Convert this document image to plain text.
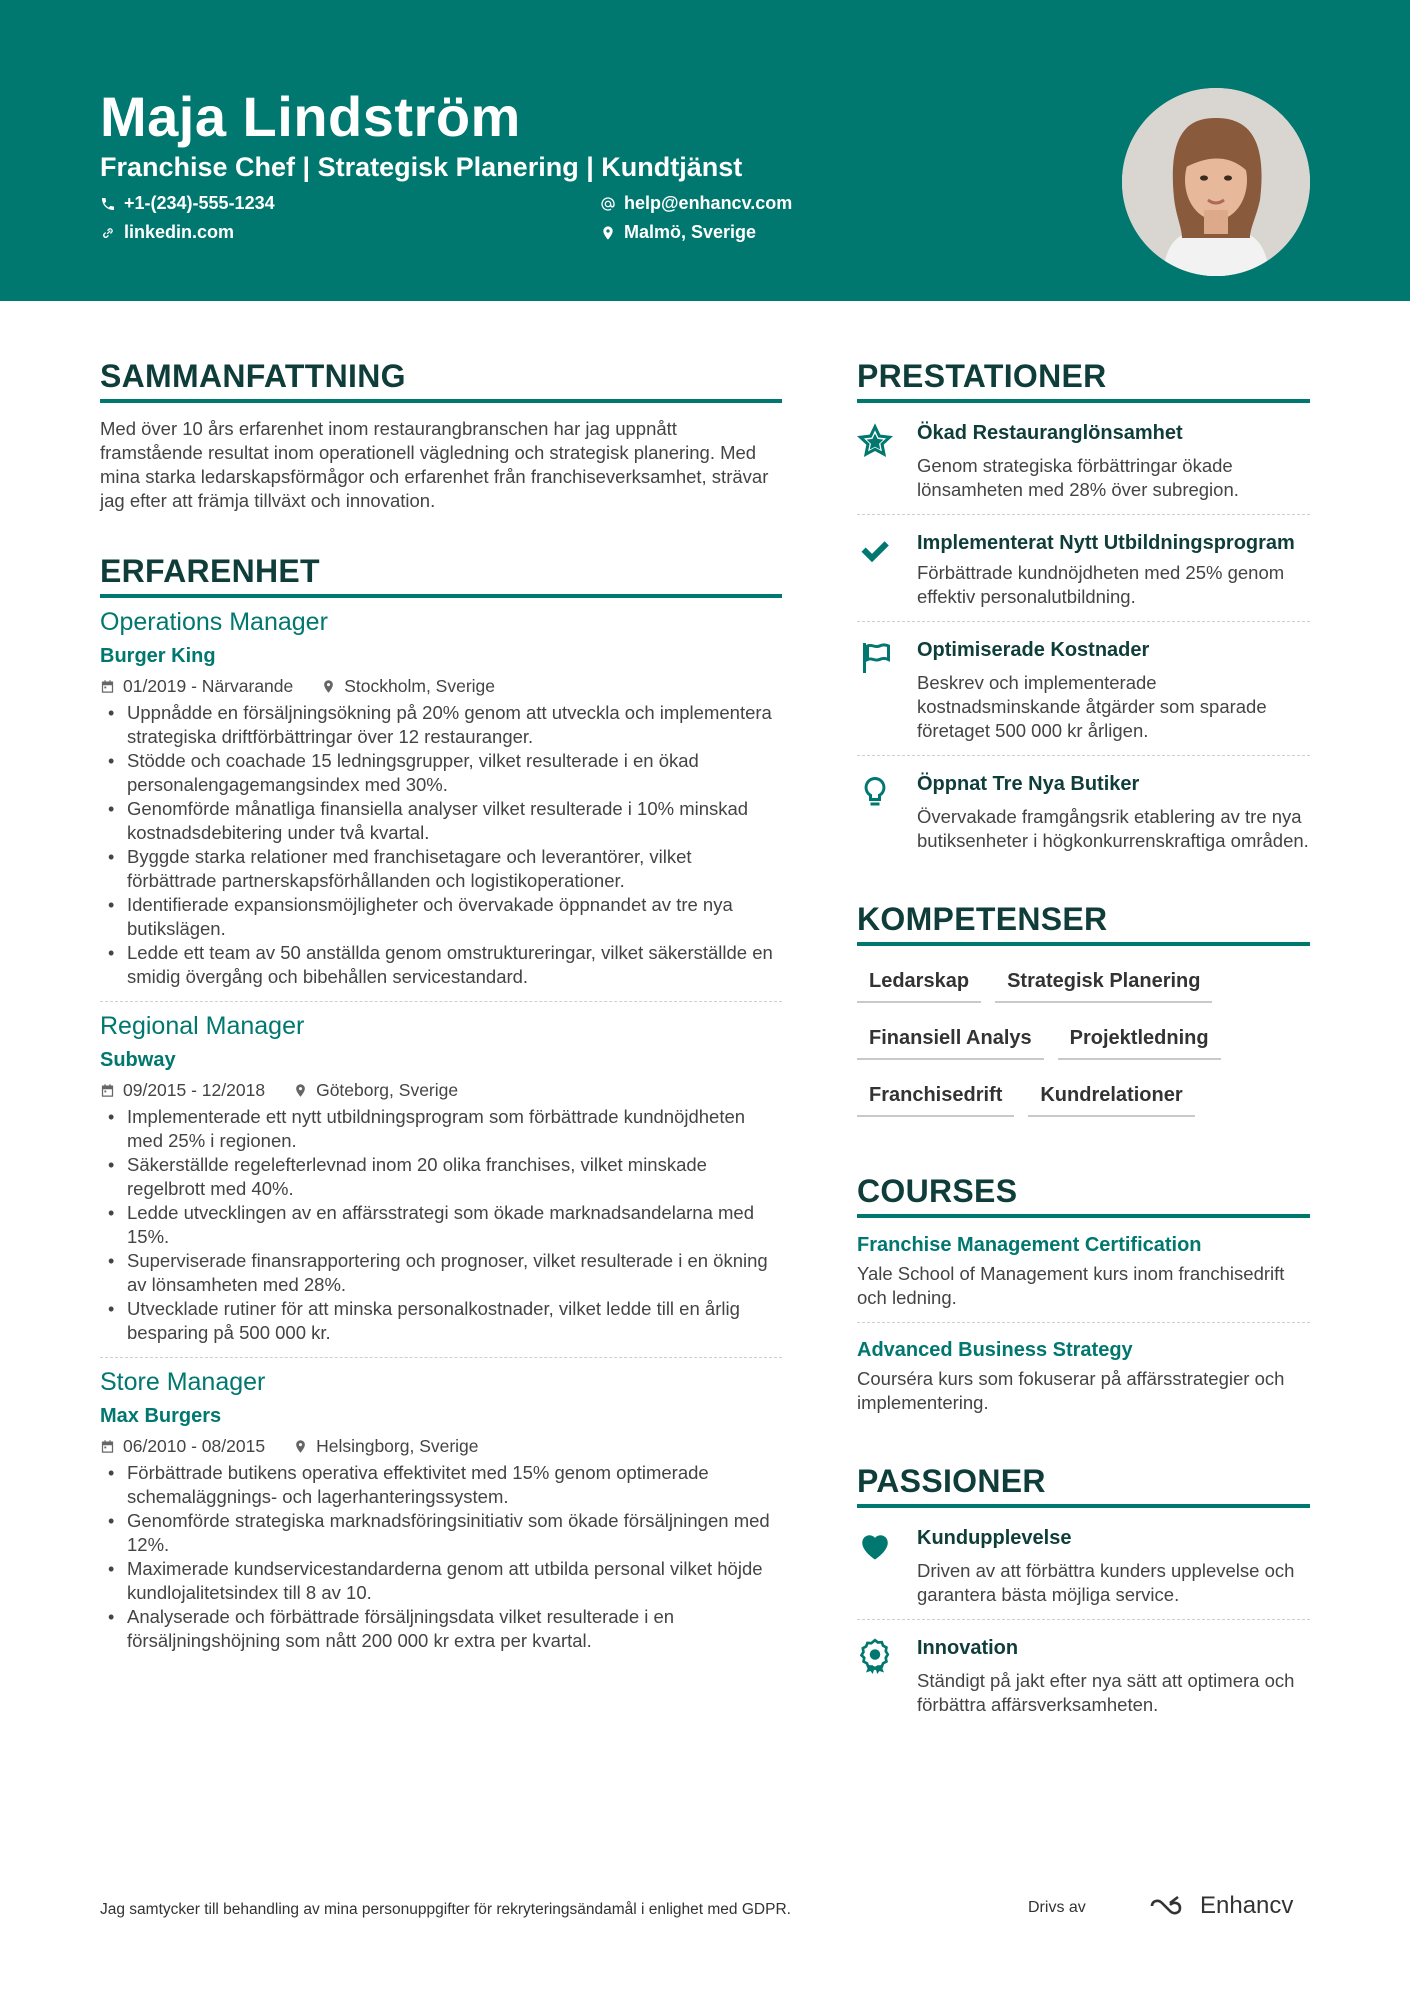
Maja Lindström
Franchise Chef | Strategisk Planering | Kundtjänst
+1-(234)-555-1234	help@enhancv.com
linkedin.com	Malmö, Sverige
SAMMANFATTNING
Med över 10 års erfarenhet inom restaurangbranschen har jag uppnått framstående resultat inom operationell vägledning och strategisk planering. Med mina starka ledarskapsförmågor och erfarenhet från franchiseverksamhet, strävar jag efter att främja tillväxt och innovation.
ERFARENHET
Operations Manager
Burger King
01/2019 - Närvarande	Stockholm, Sverige
• Uppnådde en försäljningsökning på 20% genom att utveckla och implementera strategiska driftförbättringar över 12 restauranger.
• Stödde och coachade 15 ledningsgrupper, vilket resulterade i en ökad personalengagemangsindex med 30%.
• Genomförde månatliga finansiella analyser vilket resulterade i 10% minskad kostnadsdebitering under två kvartal.
• Byggde starka relationer med franchisetagare och leverantörer, vilket förbättrade partnerskapsförhållanden och logistikoperationer.
• Identifierade expansionsmöjligheter och övervakade öppnandet av tre nya butikslägen.
• Ledde ett team av 50 anställda genom omstruktureringar, vilket säkerställde en smidig övergång och bibehållen servicestandard.
Regional Manager
Subway
09/2015 - 12/2018	Göteborg, Sverige
• Implementerade ett nytt utbildningsprogram som förbättrade kundnöjdheten med 25% i regionen.
• Säkerställde regelefterlevnad inom 20 olika franchises, vilket minskade regelbrott med 40%.
• Ledde utvecklingen av en affärsstrategi som ökade marknadsandelarna med 15%.
• Superviserade finansrapportering och prognoser, vilket resulterade i en ökning av lönsamheten med 28%.
• Utvecklade rutiner för att minska personalkostnader, vilket ledde till en årlig besparing på 500 000 kr.
Store Manager
Max Burgers
06/2010 - 08/2015	Helsingborg, Sverige
• Förbättrade butikens operativa effektivitet med 15% genom optimerade schemaläggnings- och lagerhanteringssystem.
• Genomförde strategiska marknadsföringsinitiativ som ökade försäljningen med 12%.
• Maximerade kundservicestandarderna genom att utbilda personal vilket höjde kundlojalitetsindex till 8 av 10.
• Analyserade och förbättrade försäljningsdata vilket resulterade i en försäljningshöjning som nått 200 000 kr extra per kvartal.
PRESTATIONER
Ökad Restauranglönsamhet
Genom strategiska förbättringar ökade lönsamheten med 28% över subregion.
Implementerat Nytt Utbildningsprogram
Förbättrade kundnöjdheten med 25% genom effektiv personalutbildning.
Optimiserade Kostnader
Beskrev och implementerade kostnadsminskande åtgärder som sparade företaget 500 000 kr årligen.
Öppnat Tre Nya Butiker
Övervakade framgångsrik etablering av tre nya butiksenheter i högkonkurrenskraftiga områden.
KOMPETENSER
Ledarskap	Strategisk Planering
Finansiell Analys	Projektledning
Franchisedrift	Kundrelationer
COURSES
Franchise Management Certification
Yale School of Management kurs inom franchisedrift och ledning.
Advanced Business Strategy
Courséra kurs som fokuserar på affärsstrategier och implementering.
PASSIONER
Kundupplevelse
Driven av att förbättra kunders upplevelse och garantera bästa möjliga service.
Innovation
Ständigt på jakt efter nya sätt att optimera och förbättra affärsverksamheten.
Jag samtycker till behandling av mina personuppgifter för rekryteringsändamål i enlighet med GDPR.	Drivs av	Enhancv
